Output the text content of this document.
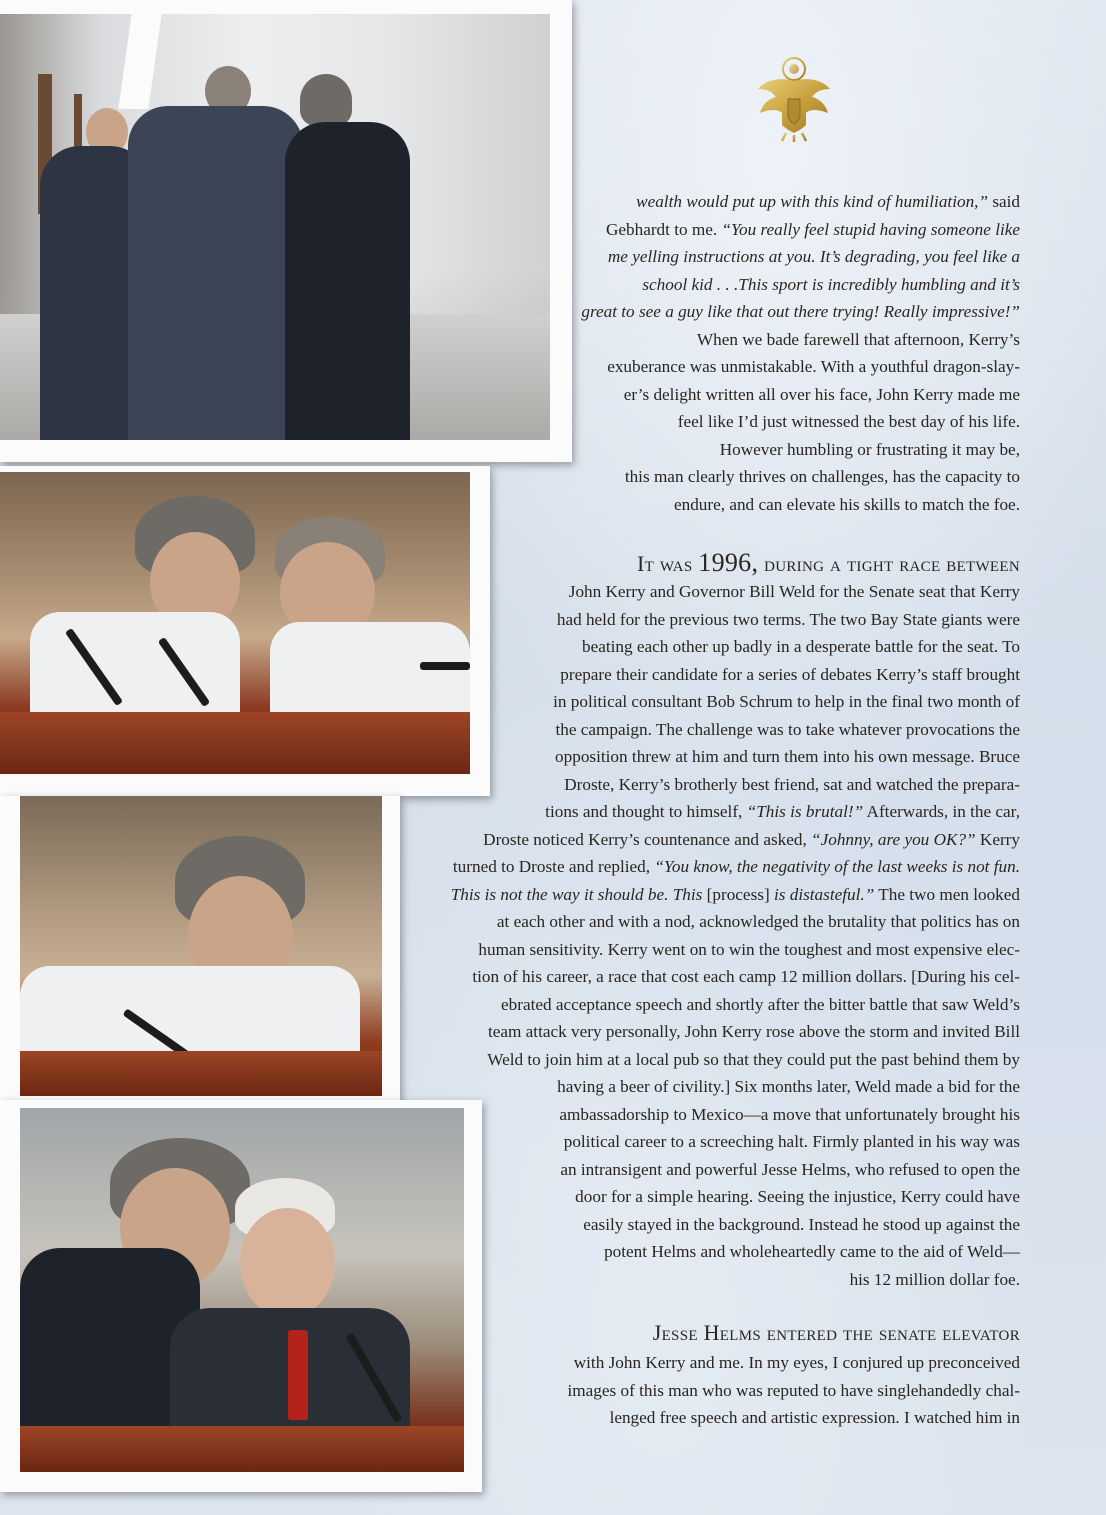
wealth would put up with this kind of humiliation,” said
Gebhardt to me. “You really feel stupid having someone like
me yelling instructions at you. It’s degrading, you feel like a
school kid . . .This sport is incredibly humbling and it’s
great to see a guy like that out there trying! Really impressive!”
When we bade farewell that afternoon, Kerry’s
exuberance was unmistakable. With a youthful dragon-slay-
er’s delight written all over his face, John Kerry made me
feel like I’d just witnessed the best day of his life.
However humbling or frustrating it may be,
this man clearly thrives on challenges, has the capacity to
endure, and can elevate his skills to match the foe.
It was 1996, during a tight race between
John Kerry and Governor Bill Weld for the Senate seat that Kerry
had held for the previous two terms. The two Bay State giants were
beating each other up badly in a desperate battle for the seat. To
prepare their candidate for a series of debates Kerry’s staff brought
in political consultant Bob Schrum to help in the final two month of
the campaign. The challenge was to take whatever provocations the
opposition threw at him and turn them into his own message. Bruce
Droste, Kerry’s brotherly best friend, sat and watched the prepara-
tions and thought to himself, “This is brutal!” Afterwards, in the car,
Droste noticed Kerry’s countenance and asked, “Johnny, are you OK?” Kerry
turned to Droste and replied, “You know, the negativity of the last weeks is not fun.
This is not the way it should be. This [process] is distasteful.” The two men looked
at each other and with a nod, acknowledged the brutality that politics has on
human sensitivity. Kerry went on to win the toughest and most expensive elec-
tion of his career, a race that cost each camp 12 million dollars. [During his cel-
ebrated acceptance speech and shortly after the bitter battle that saw Weld’s
team attack very personally, John Kerry rose above the storm and invited Bill
Weld to join him at a local pub so that they could put the past behind them by
having a beer of civility.] Six months later, Weld made a bid for the
ambassadorship to Mexico—a move that unfortunately brought his
political career to a screeching halt. Firmly planted in his way was
an intransigent and powerful Jesse Helms, who refused to open the
door for a simple hearing. Seeing the injustice, Kerry could have
easily stayed in the background. Instead he stood up against the
potent Helms and wholeheartedly came to the aid of Weld—
his 12 million dollar foe.
Jesse Helms entered the senate elevator
with John Kerry and me. In my eyes, I conjured up preconceived
images of this man who was reputed to have singlehandedly chal-
lenged free speech and artistic expression. I watched him in
